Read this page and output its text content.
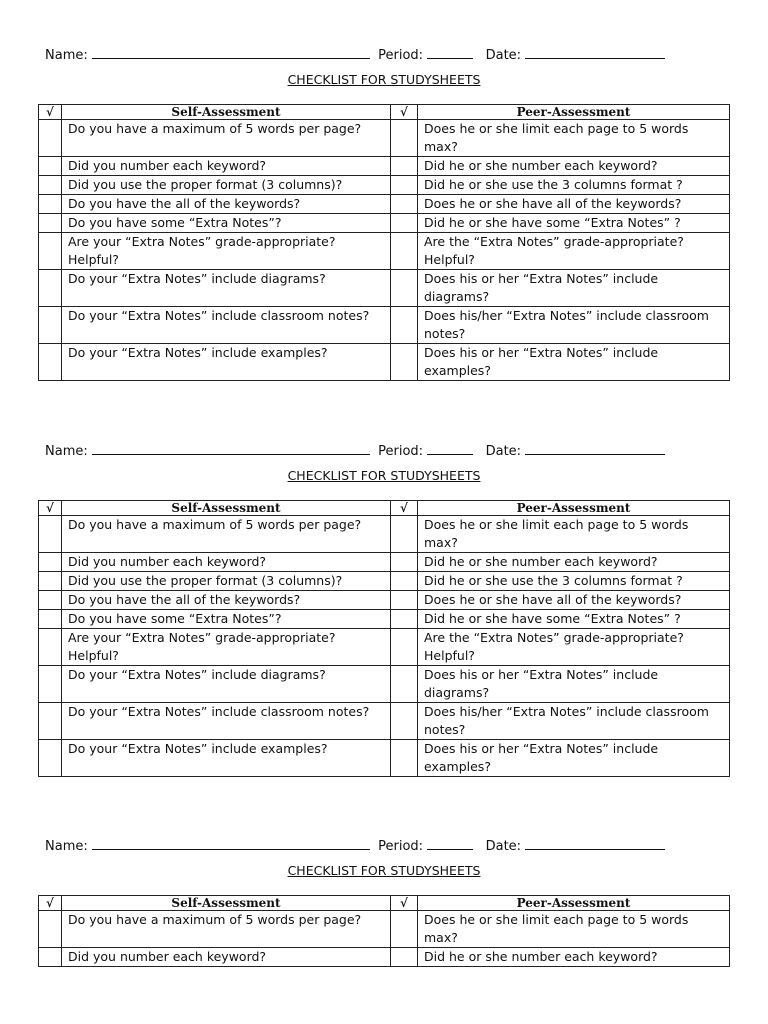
Name:	Period:	Date:
CHECKLIST FOR STUDYSHEETS
√	Self-Assessment	√	Peer-Assessment
	Do you have a maximum of 5 words per page?		Does he or she limit each page to 5 words max?
	Did you number each keyword?		Did he or she number each keyword?
	Did you use the proper format (3 columns)?		Did he or she use the 3 columns format ?
	Do you have the all of the keywords?		Does he or she have all of the keywords?
	Do you have some “Extra Notes”?		Did he or she have some “Extra Notes” ?
	Are your “Extra Notes” grade-appropriate? Helpful?		Are the “Extra Notes” grade-appropriate? Helpful?
	Do your “Extra Notes” include diagrams?		Does his or her “Extra Notes” include diagrams?
	Do your “Extra Notes” include classroom notes?		Does his/her “Extra Notes” include classroom notes?
	Do your “Extra Notes” include examples?		Does his or her “Extra Notes” include examples?
Name:	Period:	Date:
CHECKLIST FOR STUDYSHEETS
√	Self-Assessment	√	Peer-Assessment
	Do you have a maximum of 5 words per page?		Does he or she limit each page to 5 words max?
	Did you number each keyword?		Did he or she number each keyword?
	Did you use the proper format (3 columns)?		Did he or she use the 3 columns format ?
	Do you have the all of the keywords?		Does he or she have all of the keywords?
	Do you have some “Extra Notes”?		Did he or she have some “Extra Notes” ?
	Are your “Extra Notes” grade-appropriate? Helpful?		Are the “Extra Notes” grade-appropriate? Helpful?
	Do your “Extra Notes” include diagrams?		Does his or her “Extra Notes” include diagrams?
	Do your “Extra Notes” include classroom notes?		Does his/her “Extra Notes” include classroom notes?
	Do your “Extra Notes” include examples?		Does his or her “Extra Notes” include examples?
Name:	Period:	Date:
CHECKLIST FOR STUDYSHEETS
√	Self-Assessment	√	Peer-Assessment
	Do you have a maximum of 5 words per page?		Does he or she limit each page to 5 words max?
	Did you number each keyword?		Did he or she number each keyword?
